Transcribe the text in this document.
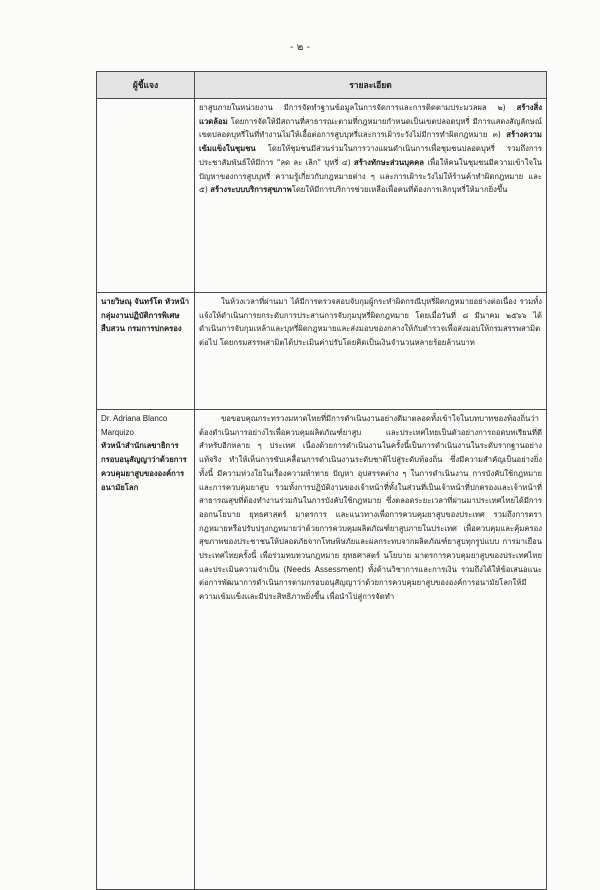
- ๒ -
ผู้ชี้แจง	รายละเอียด

	ยาสูบภายในหน่วยงาน มีการจัดทำฐานข้อมูลในการจัดการและการติดตามประมวลผล ๒) สร้างสิ่งแวดล้อม โดยการจัดให้มีสถานที่สาธารณะตามที่กฎหมายกำหนดเป็นเขตปลอดบุหรี่ มีการแสดงสัญลักษณ์ เขตปลอดบุหรี่ในที่ทำงานไม่ให้เอื้อต่อการสูบบุหรี่และการเฝ้าระวังไม่มีการทำผิดกฎหมาย ๓) สร้างความเข้มแข็งในชุมชน โดยให้ชุมชนมีส่วนร่วมในการวางแผนดำเนินการเพื่อชุมชนปลอดบุหรี่ รวมถึงการประชาสัมพันธ์ให้มีการ "ลด ละ เลิก" บุหรี่ ๔) สร้างทักษะส่วนบุคคล เพื่อให้คนในชุมชนมีความเข้าใจในปัญหาของการสูบบุหรี่ ความรู้เกี่ยวกับกฎหมายต่าง ๆ และการเฝ้าระวังไม่ให้ร้านค้าทำผิดกฎหมาย และ ๕) สร้างระบบบริการสุขภาพโดยให้มีการบริการช่วยเหลือเพื่อคนที่ต้องการเลิกบุหรี่ให้มากยิ่งขึ้น

นายวิษณุ จันทร์โต หัวหน้ากลุ่มงานปฏิบัติการพิเศษสืบสวน กรมการปกครอง	ในห้วงเวลาที่ผ่านมา ได้มีการตรวจสอบจับกุมผู้กระทำผิดกรณีบุหรี่ผิดกฎหมายอย่างต่อเนื่อง รวมทั้ง แจ้งให้ดำเนินการยกระดับการประสานการจับกุมบุหรี่ผิดกฎหมาย โดยเมื่อวันที่ ๘ มีนาคม ๒๕๖๖ ได้ดำเนินการจับกุมเหล้าและบุหรี่ผิดกฎหมายและส่งมอบของกลางให้กับตำรวจเพื่อส่งมอบให้กรมสรรพสามิตต่อไป โดยกรมสรรพสามิตได้ประเมินค่าปรับโดยคิดเป็นเงินจำนวนหลายร้อยล้านบาท

Dr. Adriana Blanco Marquizo
หัวหน้าสำนักเลขาธิการกรอบอนุสัญญาว่าด้วยการควบคุมยาสูบขององค์การอนามัยโลก	ขอขอบคุณกระทรวงมหาดไทยที่มีการดำเนินงานอย่างดีมาตลอดทั้งเข้าใจในบทบาทของท้องถิ่นว่าต้องดำเนินการอย่างไรเพื่อควบคุมผลิตภัณฑ์ยาสูบ และประเทศไทยเป็นตัวอย่างการถอดบทเรียนที่ดีสำหรับอีกหลาย ๆ ประเทศ เนื่องด้วยการดำเนินงานในครั้งนี้เป็นการดำเนินงานในระดับรากฐานอย่างแท้จริง ทำให้เห็นการขับเคลื่อนการดำเนินงานระดับชาติไปสู่ระดับท้องถิ่น ซึ่งมีความสำคัญเป็นอย่างยิ่ง ทั้งนี้ มีความห่วงใยในเรื่องความท้าทาย ปัญหา อุปสรรคต่าง ๆ ในการดำเนินงาน การบังคับใช้กฎหมายและการควบคุมยาสูบ รวมทั้งการปฏิบัติงานของเจ้าหน้าที่ทั้งในส่วนที่เป็นเจ้าหน้าที่ปกครองและเจ้าหน้าที่สาธารณสุขที่ต้องทำงานร่วมกันในการบังคับใช้กฎหมาย ซึ่งตลอดระยะเวลาที่ผ่านมาประเทศไทยได้มีการออกนโยบาย ยุทธศาสตร์ มาตรการ และแนวทางเพื่อการควบคุมยาสูบของประเทศ รวมถึงการตรากฎหมายหรือปรับปรุงกฎหมายว่าด้วยการควบคุมผลิตภัณฑ์ยาสูบภายในประเทศ เพื่อควบคุมและคุ้มครองสุขภาพของประชาชนให้ปลอดภัยจากโทษพิษภัยและผลกระทบจากผลิตภัณฑ์ยาสูบทุกรูปแบบ การมาเยือนประเทศไทยครั้งนี้ เพื่อร่วมทบทวนกฎหมาย ยุทธศาสตร์ นโยบาย มาตรการควบคุมยาสูบของประเทศไทย และประเมินความจำเป็น (Needs Assessment) ทั้งด้านวิชาการและการเงิน รวมถึงได้ให้ข้อเสนอแนะต่อการพัฒนาการดำเนินการตามกรอบอนุสัญญาว่าด้วยการควบคุมยาสูบขององค์การอนามัยโลกให้มีความเข้มแข็งและมีประสิทธิภาพยิ่งขึ้น เพื่อนำไปสู่การจัดทำ
